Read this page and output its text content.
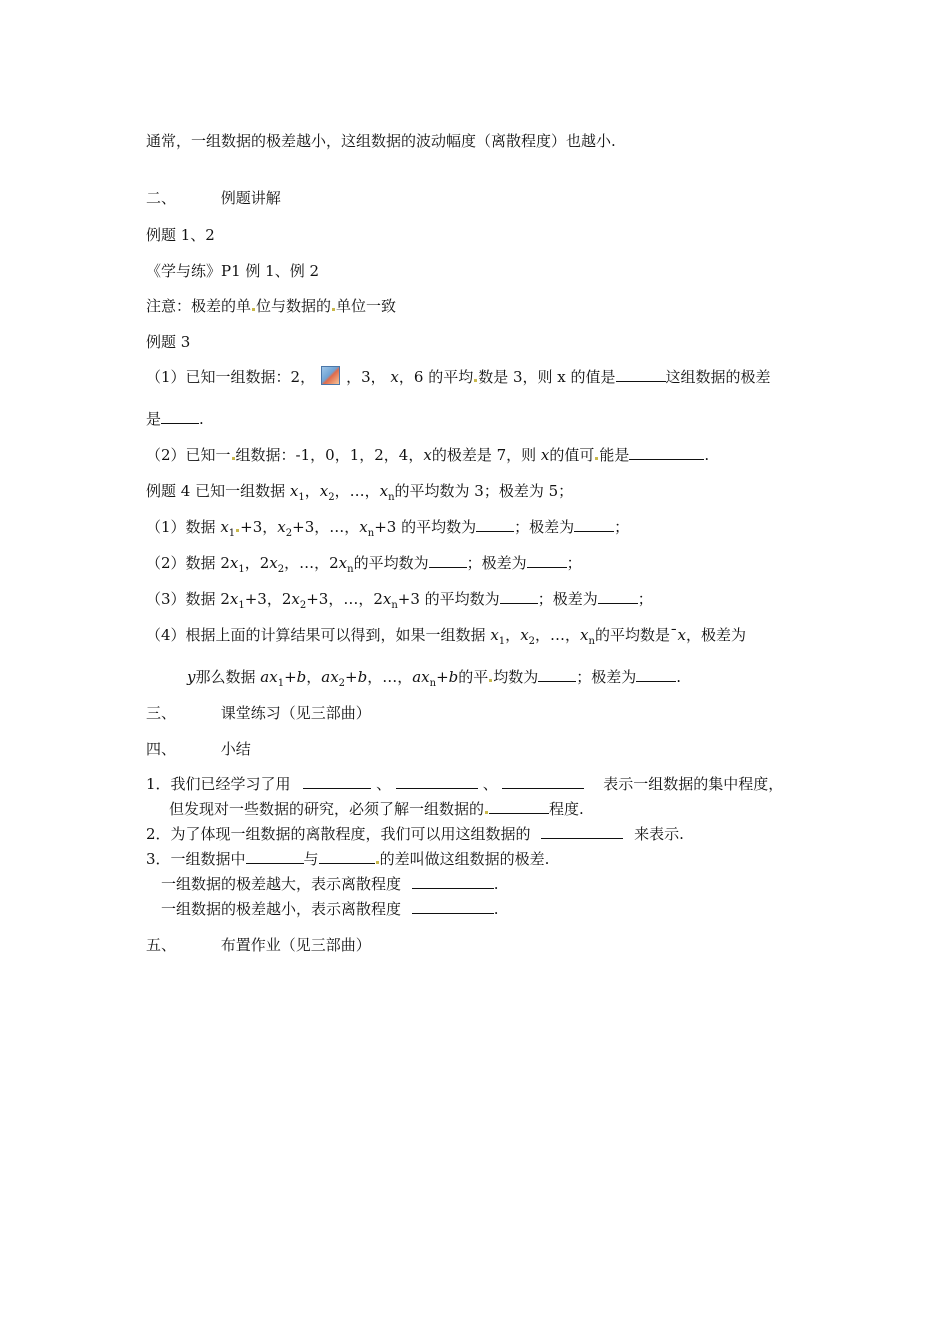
通常，一组数据的极差越小，这组数据的波动幅度（离散程度）也越小.
二、	例题讲解
例题 1、2
《学与练》P1 例 1、例 2
注意：极差的单 位与数据的 单位一致
例题 3
（1）已知一组数据：2， ，3， x，6 的平均 数是 3，则 x 的值是	这组数据的极差
是	.
（2）已知一 组数据：-1，0，1，2，4，x的极差是 7，则 x的值可 能是	.
例题 4 已知一组数据 $x_1$，$x_2$，…，$x_n$的平均数为 3；极差为 5；
（1）数据 $x_1 +3$，$x_2+3$，…，$x_n+3$ 的平均数为	；极差为	；
（2）数据 $2x_1$，$2x_2$，…，$2x_n$的平均数为	；极差为	；
（3）数据 $2x_1+3$，$2x_2+3$，…，$2x_n+3$ 的平均数为	；极差为	；
（4）根据上面的计算结果可以得到，如果一组数据 $x_1$，$x_2$，…，$x_n$的平均数是¯x，极差为
y那么数据 $ax_1+b$，$ax_2+b$，…，$ax_n+b$的平 均数为	；极差为	.
三、	课堂练习（见三部曲）
四、	小结
1．我们已经学习了用	、	、	表示一组数据的集中程度，
但发现对一些数据的研究，必须了解一组数据的	程度.
2．为了体现一组数据的离散程度，我们可以用这组数据的	来表示.
3．一组数据中	与	的差叫做这组数据的极差.
一组数据的极差越大，表示离散程度	.
一组数据的极差越小，表示离散程度	.
五、	布置作业（见三部曲）
